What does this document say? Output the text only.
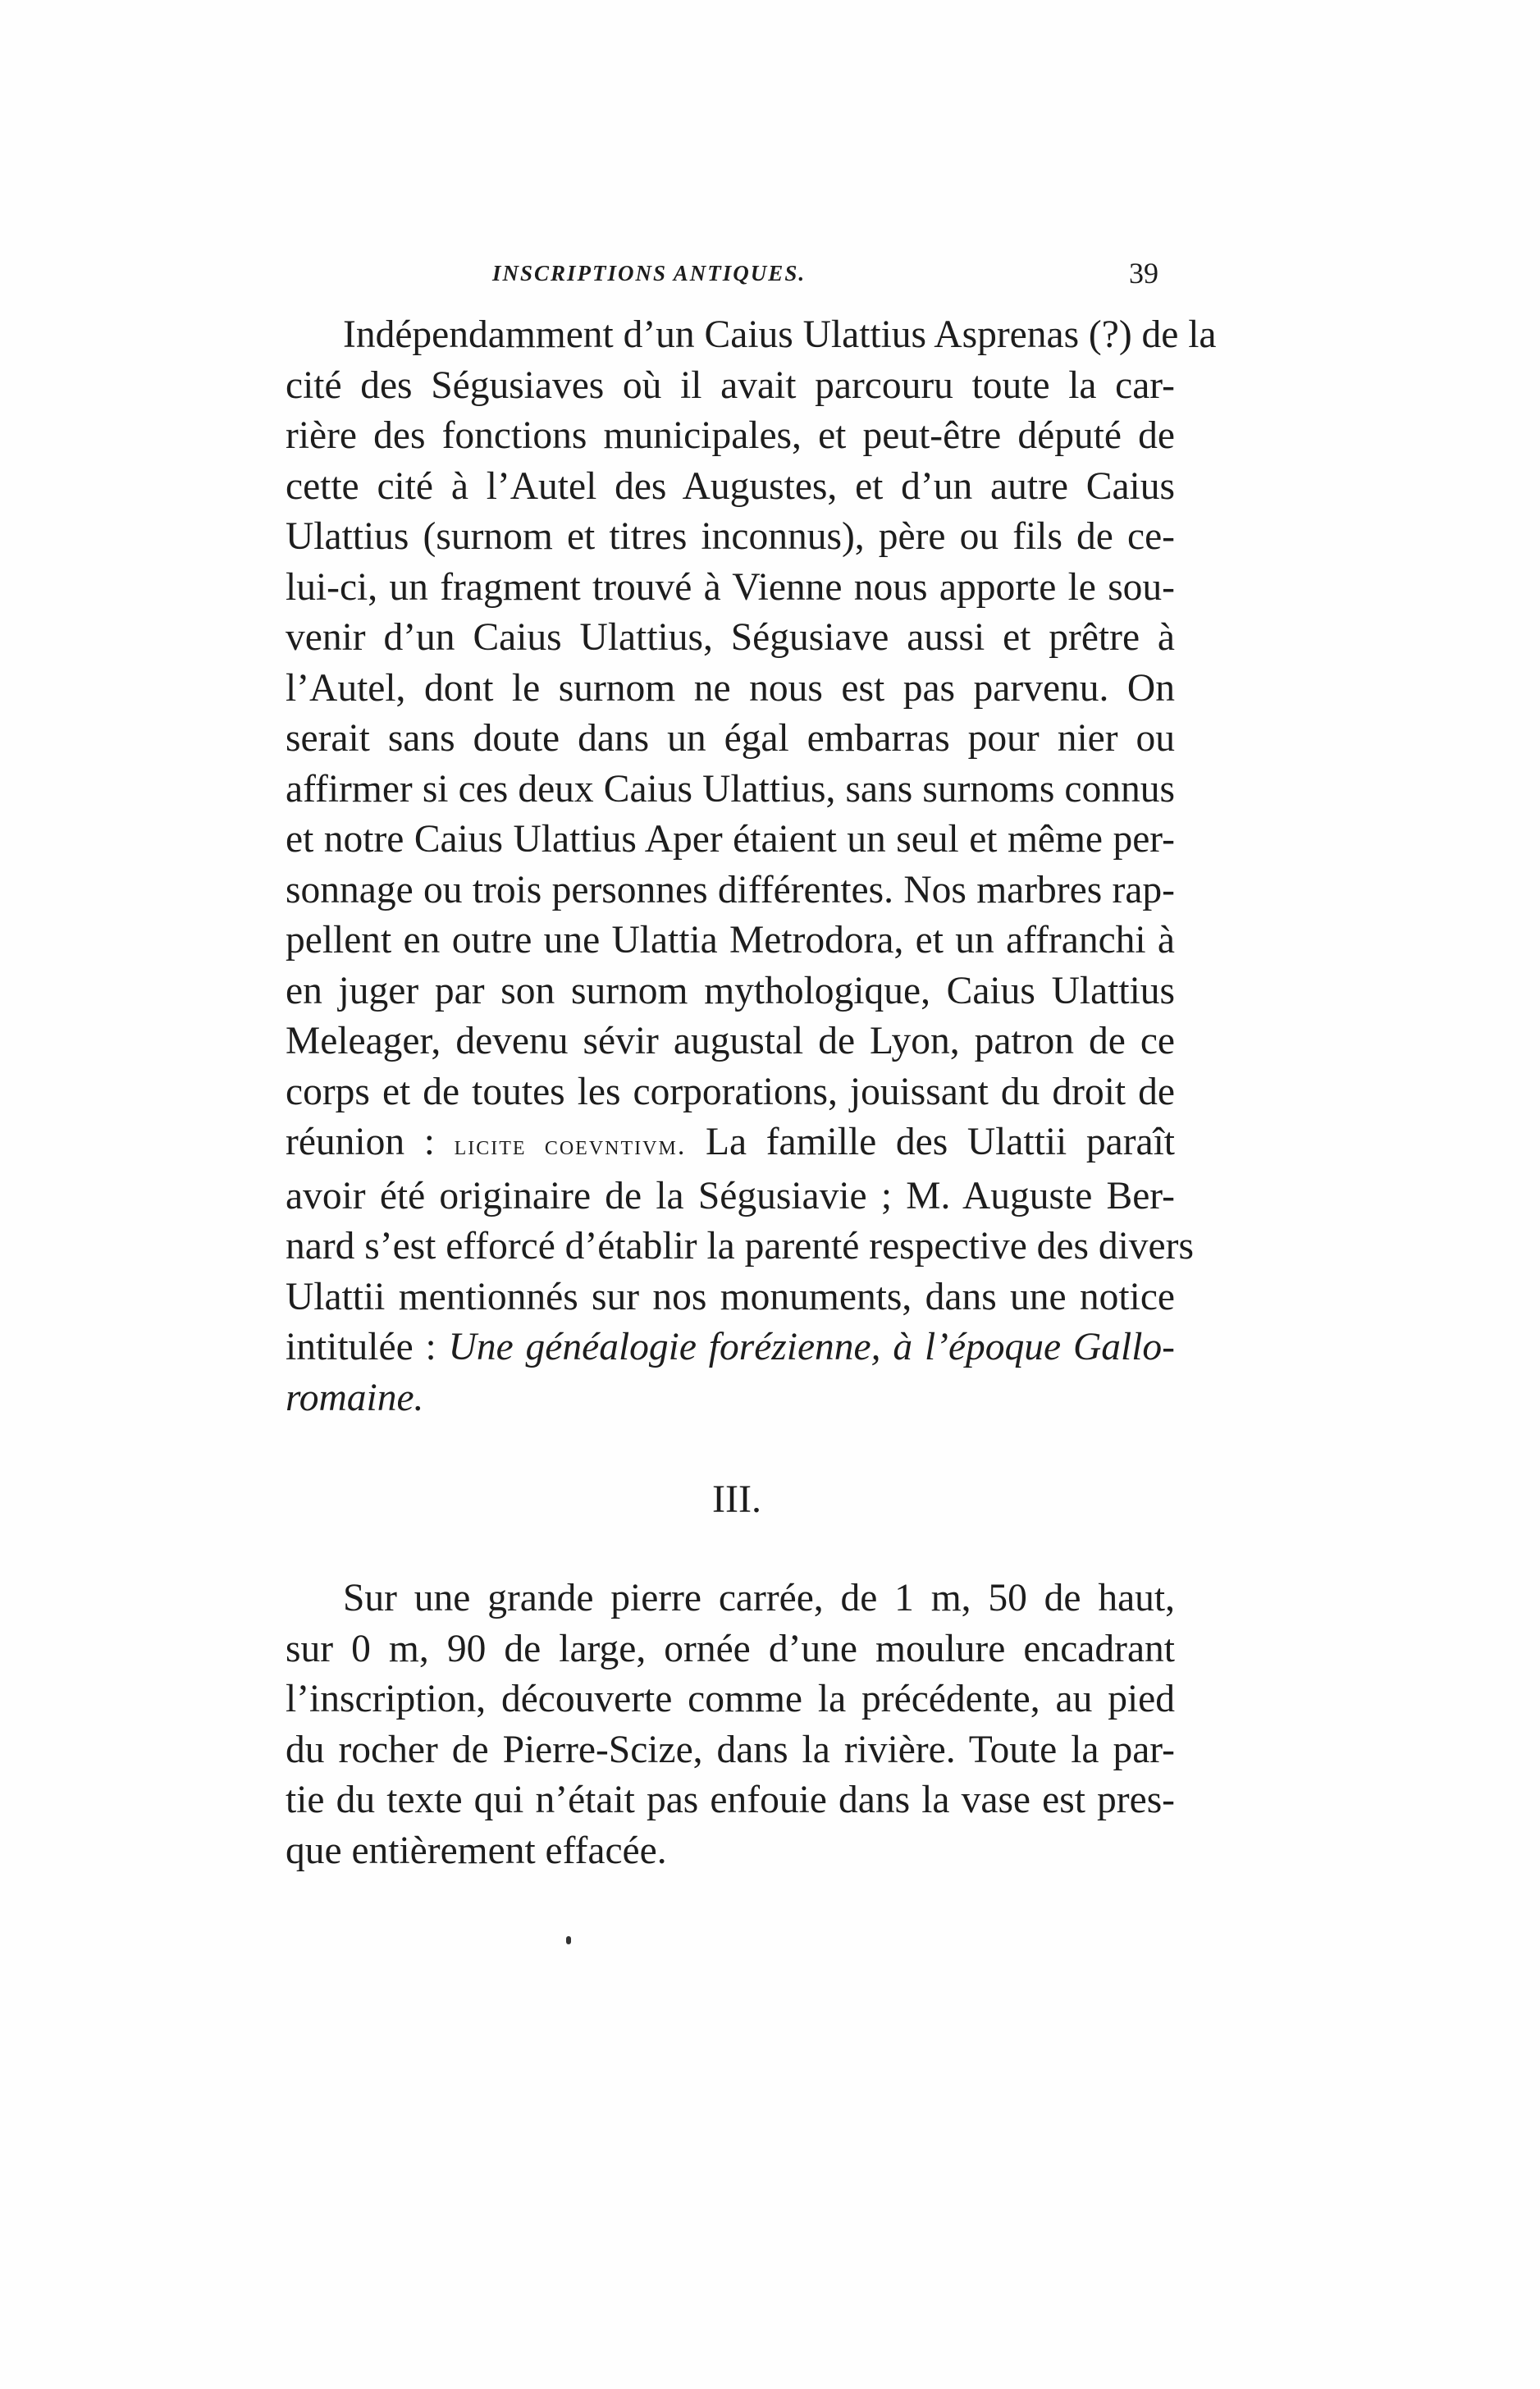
INSCRIPTIONS ANTIQUES.	39
Indépendamment d’un Caius Ulattius Asprenas (?) de la
cité des Ségusiaves où il avait parcouru toute la car-
rière des fonctions municipales, et peut-être député de
cette cité à l’Autel des Augustes, et d’un autre Caius
Ulattius (surnom et titres inconnus), père ou fils de ce-
lui-ci, un fragment trouvé à Vienne nous apporte le sou-
venir d’un Caius Ulattius, Ségusiave aussi et prêtre à
l’Autel, dont le surnom ne nous est pas parvenu. On
serait sans doute dans un égal embarras pour nier ou
affirmer si ces deux Caius Ulattius, sans surnoms connus
et notre Caius Ulattius Aper étaient un seul et même per-
sonnage ou trois personnes différentes. Nos marbres rap-
pellent en outre une Ulattia Metrodora, et un affranchi à
en juger par son surnom mythologique, Caius Ulattius
Meleager, devenu sévir augustal de Lyon, patron de ce
corps et de toutes les corporations, jouissant du droit de
réunion : licite coevntivm. La famille des Ulattii paraît
avoir été originaire de la Ségusiavie ; M. Auguste Ber-
nard s’est efforcé d’établir la parenté respective des divers
Ulattii mentionnés sur nos monuments, dans une notice
intitulée : Une généalogie forézienne, à l’époque Gallo-
romaine.
III.
Sur une grande pierre carrée, de 1 m, 50 de haut,
sur 0 m, 90 de large, ornée d’une moulure encadrant
l’inscription, découverte comme la précédente, au pied
du rocher de Pierre-Scize, dans la rivière. Toute la par-
tie du texte qui n’était pas enfouie dans la vase est pres-
que entièrement effacée.
